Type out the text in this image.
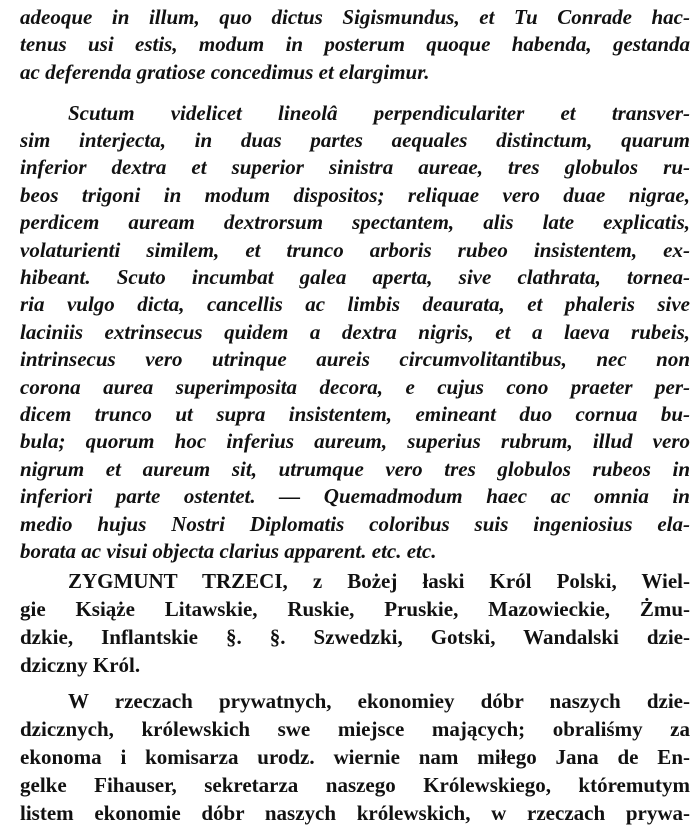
adeoque in illum, quo dictus Sigismundus, et Tu Conrade hac-
tenus usi estis, modum in posterum quoque habenda, gestanda
ac deferenda gratiose concedimus et elargimur.
Scutum videlicet lineolâ perpendiculariter et transver-
sim interjecta, in duas partes aequales distinctum, quarum
inferior dextra et superior sinistra aureae, tres globulos ru-
beos trigoni in modum dispositos; reliquae vero duae nigrae,
perdicem auream dextrorsum spectantem, alis late explicatis,
volaturienti similem, et trunco arboris rubeo insistentem, ex-
hibeant. Scuto incumbat galea aperta, sive clathrata, tornea-
ria vulgo dicta, cancellis ac limbis deaurata, et phaleris sive
laciniis extrinsecus quidem a dextra nigris, et a laeva rubeis,
intrinsecus vero utrinque aureis circumvolitantibus, nec non
corona aurea superimposita decora, e cujus cono praeter per-
dicem trunco ut supra insistentem, emineant duo cornua bu-
bula; quorum hoc inferius aureum, superius rubrum, illud vero
nigrum et aureum sit, utrumque vero tres globulos rubeos in
inferiori parte ostentet. — Quemadmodum haec ac omnia in
medio hujus Nostri Diplomatis coloribus suis ingeniosius ela-
borata ac visui objecta clarius apparent. etc. etc.
ZYGMUNT TRZECI, z Bożej łaski Król Polski, Wiel-
gie Książe Litawskie, Ruskie, Pruskie, Mazowieckie, Żmu-
dzkie, Inflantskie §. §. Szwedzki, Gotski, Wandalski dzie-
dziczny Król.
W rzeczach prywatnych, ekonomiey dóbr naszych dzie-
dzicznych, królewskich swe miejsce mających; obraliśmy za
ekonoma i komisarza urodz. wiernie nam miłego Jana de En-
gelke Fihauser, sekretarza naszego Królewskiego, któremutym
listem ekonomie dóbr naszych królewskich, w rzeczach prywa-
